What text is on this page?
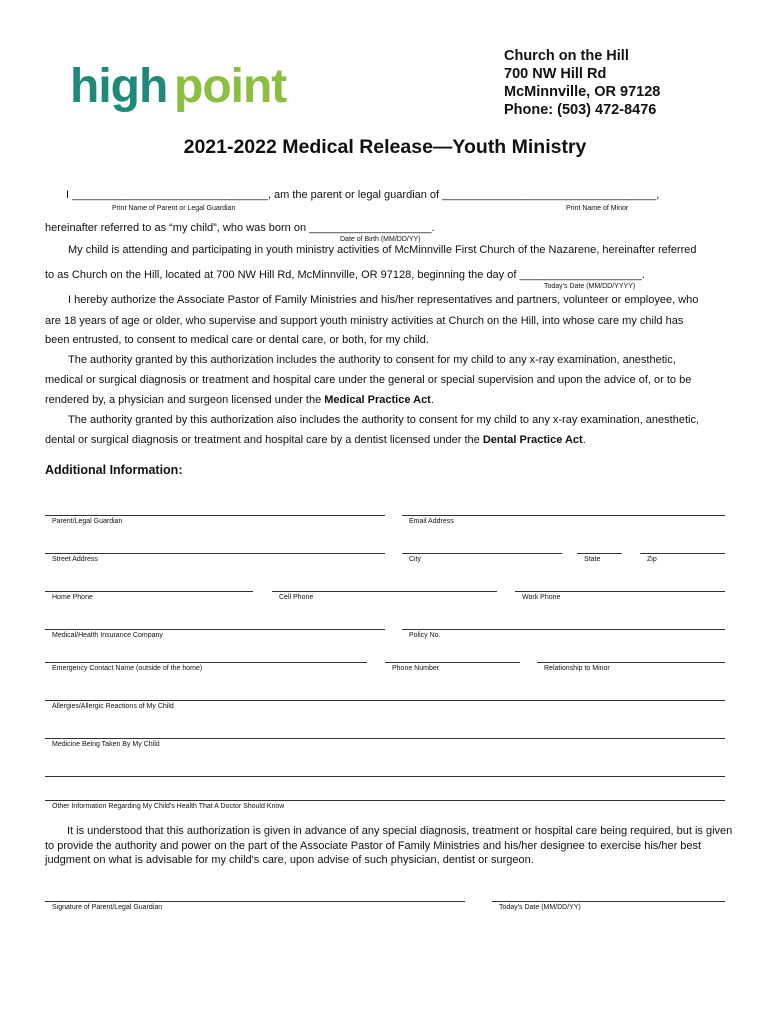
high point
highpoint
Church on the Hill
700 NW Hill Rd
McMinnville, OR 97128
Phone: (503) 472-8476
2021-2022 Medical Release—Youth Ministry
I ________________________________, am the parent or legal guardian of ___________________________________,
Print Name of Parent or Legal Guardian	Print Name of Minor
hereinafter referred to as “my child”, who was born on ____________________.
Date of Birth (MM/DD/YY)
My child is attending and participating in youth ministry activities of McMinnville First Church of the Nazarene, hereinafter referred
to as Church on the Hill, located at 700 NW Hill Rd, McMinnville, OR 97128, beginning the day of ____________________.
Today's Date (MM/DD/YYYY)
I hereby authorize the Associate Pastor of Family Ministries and his/her representatives and partners, volunteer or employee, who
are 18 years of age or older, who supervise and support youth ministry activities at Church on the Hill, into whose care my child has
been entrusted, to consent to medical care or dental care, or both, for my child.
The authority granted by this authorization includes the authority to consent for my child to any x-ray examination, anesthetic,
medical or surgical diagnosis or treatment and hospital care under the general or special supervision and upon the advice of, or to be
rendered by, a physician and surgeon licensed under the Medical Practice Act.
The authority granted by this authorization also includes the authority to consent for my child to any x-ray examination, anesthetic,
dental or surgical diagnosis or treatment and hospital care by a dentist licensed under the Dental Practice Act.
Additional Information:
Parent/Legal Guardian	Email Address
Street Address	City	State	Zip
Home Phone	Cell Phone	Work Phone
Medical/Health Insurance Company	Policy No.
Emergency Contact Name (outside of the home)	Phone Number	Relationship to Minor
Allergies/Allergic Reactions of My Child
Medicine Being Taken By My Child
Other Information Regarding My Child's Health That A Doctor Should Know
It is understood that this authorization is given in advance of any special diagnosis, treatment or hospital care being required, but is given to provide the authority and power on the part of the Associate Pastor of Family Ministries and his/her designee to exercise his/her best judgment on what is advisable for my child's care, upon advise of such physician, dentist or surgeon.
Signature of Parent/Legal Guardian	Today's Date (MM/DD/YY)
